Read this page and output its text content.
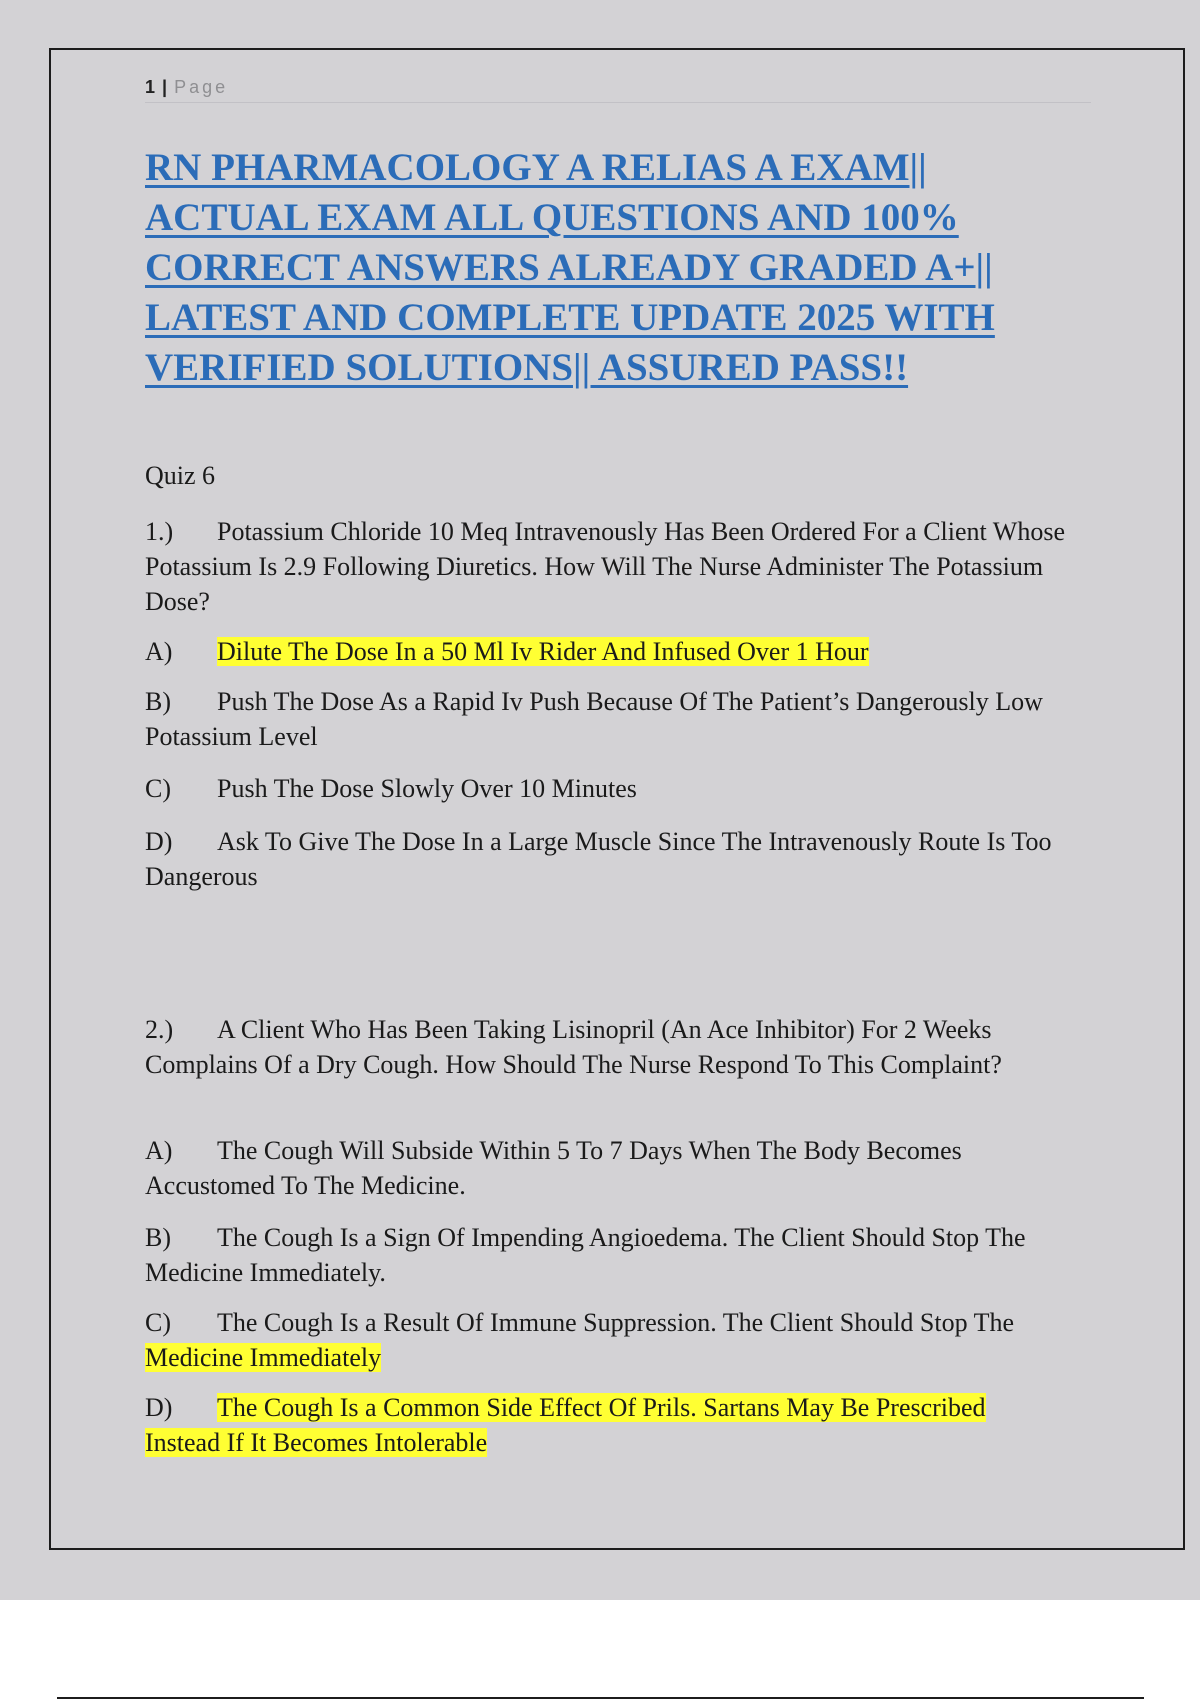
1 | Page
RN PHARMACOLOGY A RELIAS A EXAM|| ACTUAL EXAM ALL QUESTIONS AND 100% CORRECT ANSWERS ALREADY GRADED A+|| LATEST AND COMPLETE UPDATE 2025 WITH VERIFIED SOLUTIONS|| ASSURED PASS!!
Quiz 6
1.) Potassium Chloride 10 Meq Intravenously Has Been Ordered For a Client Whose Potassium Is 2.9 Following Diuretics. How Will The Nurse Administer The Potassium Dose?
A) Dilute The Dose In a 50 Ml Iv Rider And Infused Over 1 Hour
B) Push The Dose As a Rapid Iv Push Because Of The Patient’s Dangerously Low Potassium Level
C) Push The Dose Slowly Over 10 Minutes
D) Ask To Give The Dose In a Large Muscle Since The Intravenously Route Is Too Dangerous
2.) A Client Who Has Been Taking Lisinopril (An Ace Inhibitor) For 2 Weeks Complains Of a Dry Cough. How Should The Nurse Respond To This Complaint?
A) The Cough Will Subside Within 5 To 7 Days When The Body Becomes Accustomed To The Medicine.
B) The Cough Is a Sign Of Impending Angioedema. The Client Should Stop The Medicine Immediately.
C) The Cough Is a Result Of Immune Suppression. The Client Should Stop The Medicine Immediately
D) The Cough Is a Common Side Effect Of Prils. Sartans May Be Prescribed Instead If It Becomes Intolerable
